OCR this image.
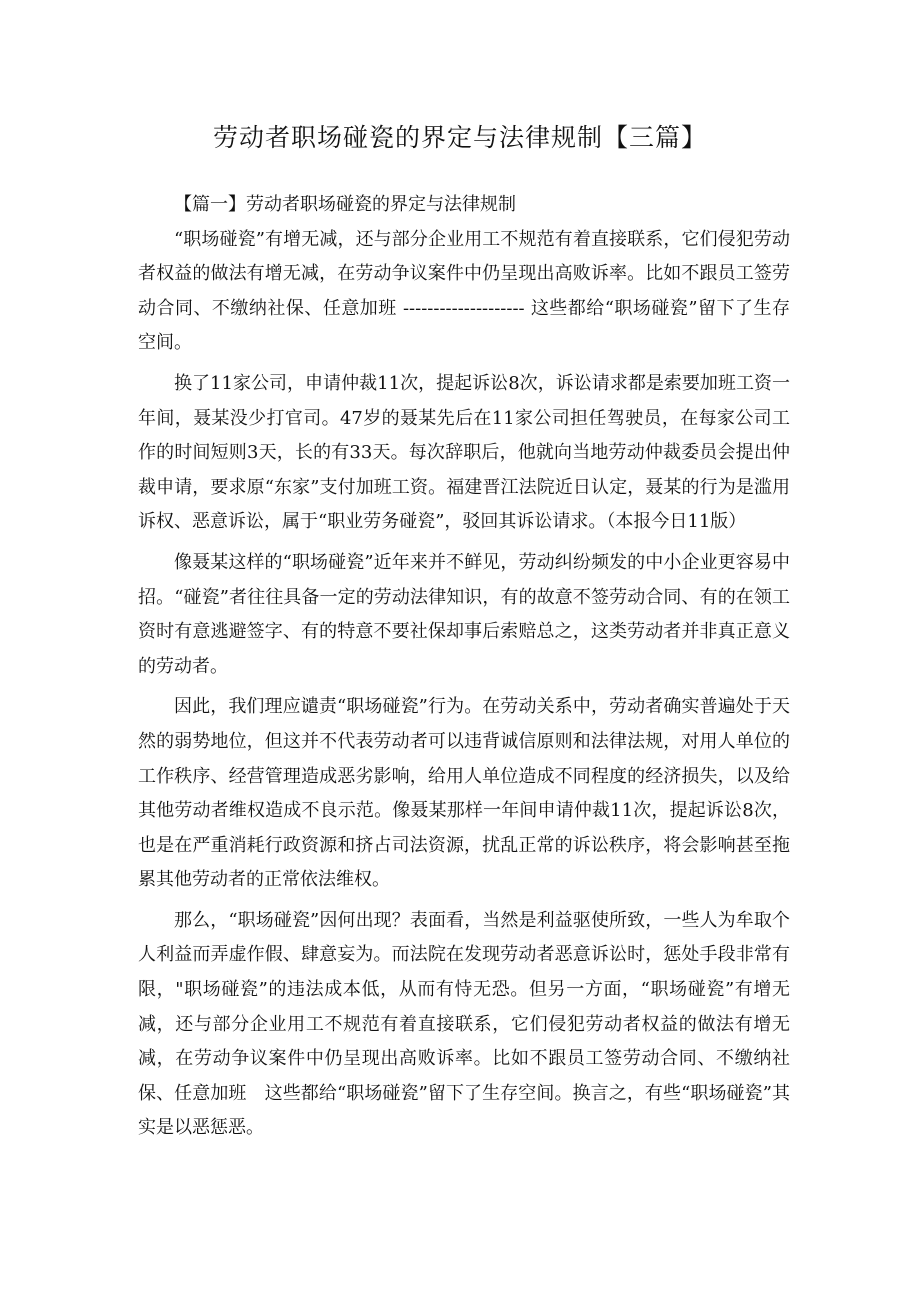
劳动者职场碰瓷的界定与法律规制【三篇】

【篇一】劳动者职场碰瓷的界定与法律规制

“职场碰瓷”有增无减，还与部分企业用工不规范有着直接联系，它们侵犯劳动者权益的做法有增无减，在劳动争议案件中仍呈现出高败诉率。比如不跟员工签劳动合同、不缴纳社保、任意加班 -------------------- 这些都给“职场碰瓷”留下了生存空间。

换了11家公司，申请仲裁11次，提起诉讼8次，诉讼请求都是索要加班工资一年间，聂某没少打官司。47岁的聂某先后在11家公司担任驾驶员，在每家公司工作的时间短则3天，长的有33天。每次辞职后，他就向当地劳动仲裁委员会提出仲裁申请，要求原“东家”支付加班工资。福建晋江法院近日认定，聂某的行为是滥用诉权、恶意诉讼，属于“职业劳务碰瓷”，驳回其诉讼请求。（本报今日11版）

像聂某这样的“职场碰瓷”近年来并不鲜见，劳动纠纷频发的中小企业更容易中招。“碰瓷”者往往具备一定的劳动法律知识，有的故意不签劳动合同、有的在领工资时有意逃避签字、有的特意不要社保却事后索赔总之，这类劳动者并非真正意义的劳动者。

因此，我们理应谴责“职场碰瓷”行为。在劳动关系中，劳动者确实普遍处于天然的弱势地位，但这并不代表劳动者可以违背诚信原则和法律法规，对用人单位的工作秩序、经营管理造成恶劣影响，给用人单位造成不同程度的经济损失，以及给其他劳动者维权造成不良示范。像聂某那样一年间申请仲裁11次，提起诉讼8次，也是在严重消耗行政资源和挤占司法资源，扰乱正常的诉讼秩序，将会影响甚至拖累其他劳动者的正常依法维权。

那么，“职场碰瓷”因何出现？表面看，当然是利益驱使所致，一些人为牟取个人利益而弄虚作假、肆意妄为。而法院在发现劳动者恶意诉讼时，惩处手段非常有限，"职场碰瓷”的违法成本低，从而有恃无恐。但另一方面，“职场碰瓷”有增无减，还与部分企业用工不规范有着直接联系，它们侵犯劳动者权益的做法有增无减，在劳动争议案件中仍呈现出高败诉率。比如不跟员工签劳动合同、不缴纳社保、任意加班　这些都给“职场碰瓷”留下了生存空间。换言之，有些“职场碰瓷”其实是以恶惩恶。
